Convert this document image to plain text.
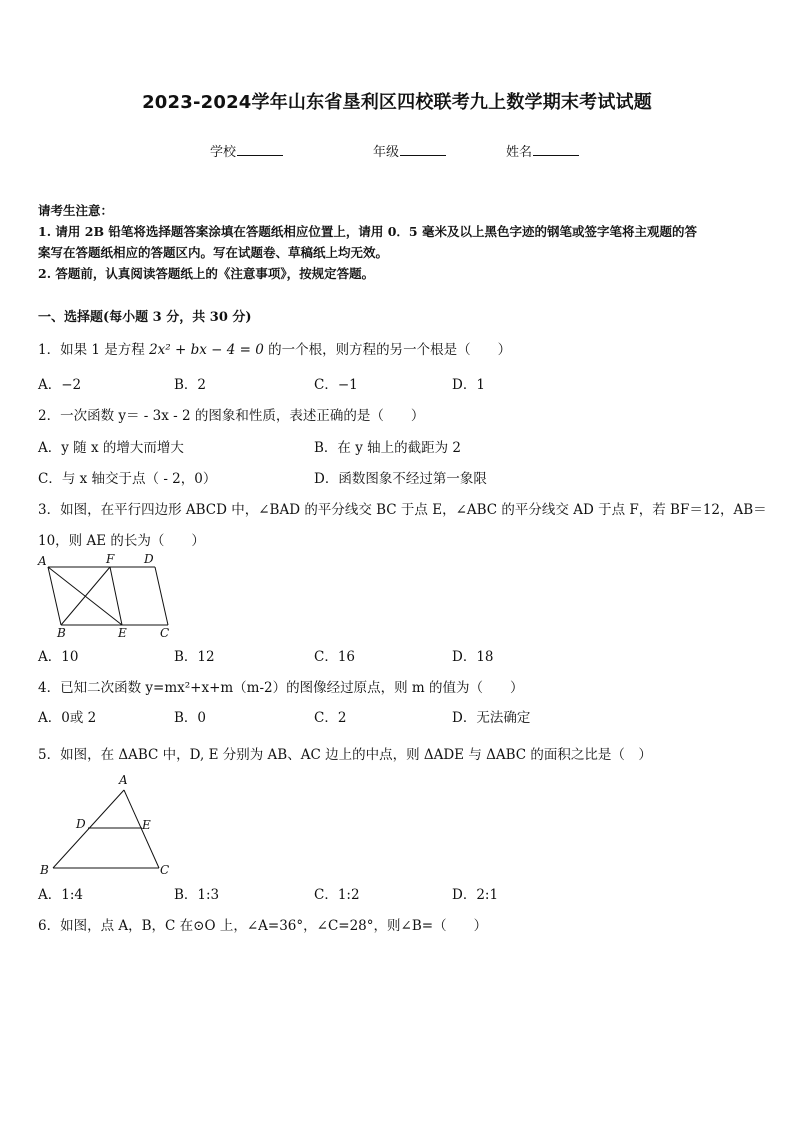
2023-2024学年山东省垦利区四校联考九上数学期末考试试题
学校	年级	姓名
请考生注意：
1. 请用 2B 铅笔将选择题答案涂填在答题纸相应位置上，请用 0．5 毫米及以上黑色字迹的钢笔或签字笔将主观题的答
案写在答题纸相应的答题区内。写在试题卷、草稿纸上均无效。
2. 答题前，认真阅读答题纸上的《注意事项》，按规定答题。
一、选择题(每小题 3 分，共 30 分)
1．如果 1 是方程 2x² + bx − 4 = 0 的一个根，则方程的另一个根是（　　）
A．−2	B．2	C．−1	D．1
2．一次函数 y＝ - 3x - 2 的图象和性质，表述正确的是（　　）
A．y 随 x 的增大而增大	B．在 y 轴上的截距为 2
C．与 x 轴交于点（ - 2，0）	D．函数图象不经过第一象限
3．如图，在平行四边形 ABCD 中，∠BAD 的平分线交 BC 于点 E，∠ABC 的平分线交 AD 于点 F，若 BF＝12，AB＝
10，则 AE 的长为（　　）
A	F D
B	E	C
A．10	B．12	C．16	D．18
4．已知二次函数 y=mx²+x+m（m-2）的图像经过原点，则 m 的值为（　　）
A．0或 2	B．0	C．2	D．无法确定
5．如图，在 ΔABC 中，D, E 分别为 AB、AC 边上的中点，则 ΔADE 与 ΔABC 的面积之比是（　）
A
D	E
B	C
A．1:4	B．1:3	C．1:2	D．2:1
6．如图，点 A，B，C 在⊙O 上，∠A=36°，∠C=28°，则∠B=（　　）
